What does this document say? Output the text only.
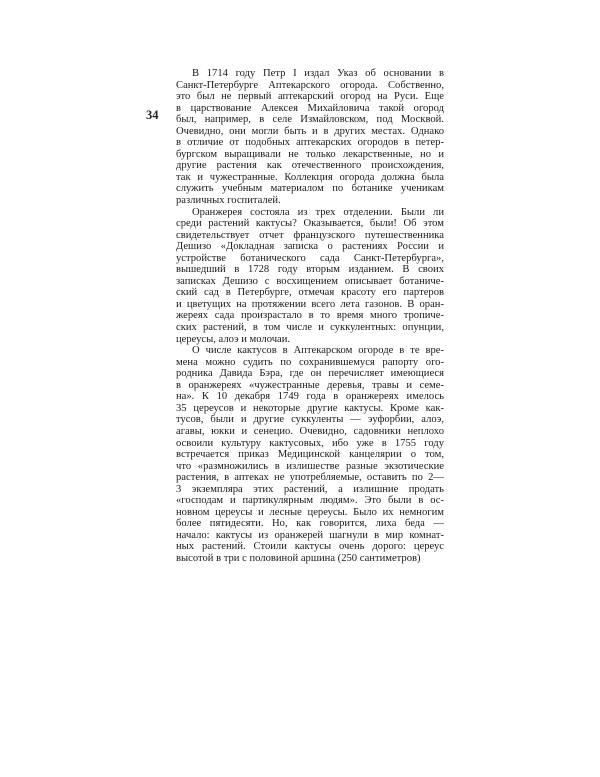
34
В 1714 году Петр I издал Указ об основании в
Санкт-Петербурге Аптекарского огорода. Собственно,
это был не первый аптекарский огород на Руси. Еще
в царствование Алексея Михайловича такой огород
был, например, в селе Измайловском, под Москвой.
Очевидно, они могли быть и в других местах. Однако
в отличие от подобных аптекарских огородов в петер-
бургском выращивали не только лекарственные, но и
другие растения как отечественного происхождения,
так и чужестранные. Коллекция огорода должна была
служить учебным материалом по ботанике ученикам
различных госпиталей.
Оранжерея состояла из трех отделении. Были ли
среди растений кактусы? Оказывается, были! Об этом
свидетельствует отчет французского путешественника
Дешизо «Докладная записка о растениях России и
устройстве ботанического сада Санкт-Петербурга»,
вышедший в 1728 году вторым изданием. В своих
записках Дешизо с восхищением описывает ботаниче-
ский сад в Петербурге, отмечая красоту его партеров
и цветущих на протяжении всего лета газонов. В оран-
жереях сада произрастало в то время много тропиче-
ских растений, в том числе и суккулентных: опунции,
цереусы, алоэ и молочаи.
О числе кактусов в Аптекарском огороде в те вре-
мена можно судить по сохранившемуся рапорту ого-
родника Давида Бэра, где он перечисляет имеющиеся
в оранжереях «чужестранные деревья, травы и семе-
на». К 10 декабря 1749 года в оранжереях имелось
35 цереусов и некоторые другие кактусы. Кроме как-
тусов, были и другие суккуленты — эуфорбии, алоэ,
агавы, юкки и сенецио. Очевидно, садовники неплохо
освоили культуру кактусовых, ибо уже в 1755 году
встречается приказ Медицинской канцелярии о том,
что «размножились в излишестве разные экзотические
растения, в аптеках не употребляемые, оставить по 2—
3 экземпляра этих растений, а излишние продать
«господам и партикулярным людям». Это были в ос-
новном цереусы и лесные цереусы. Было их немногим
более пятидесяти. Но, как говорится, лиха беда —
начало: кактусы из оранжерей шагнули в мир комнат-
ных растений. Стоили кактусы очень дорого: цереус
высотой в три с половиной аршина (250 сантиметров)
